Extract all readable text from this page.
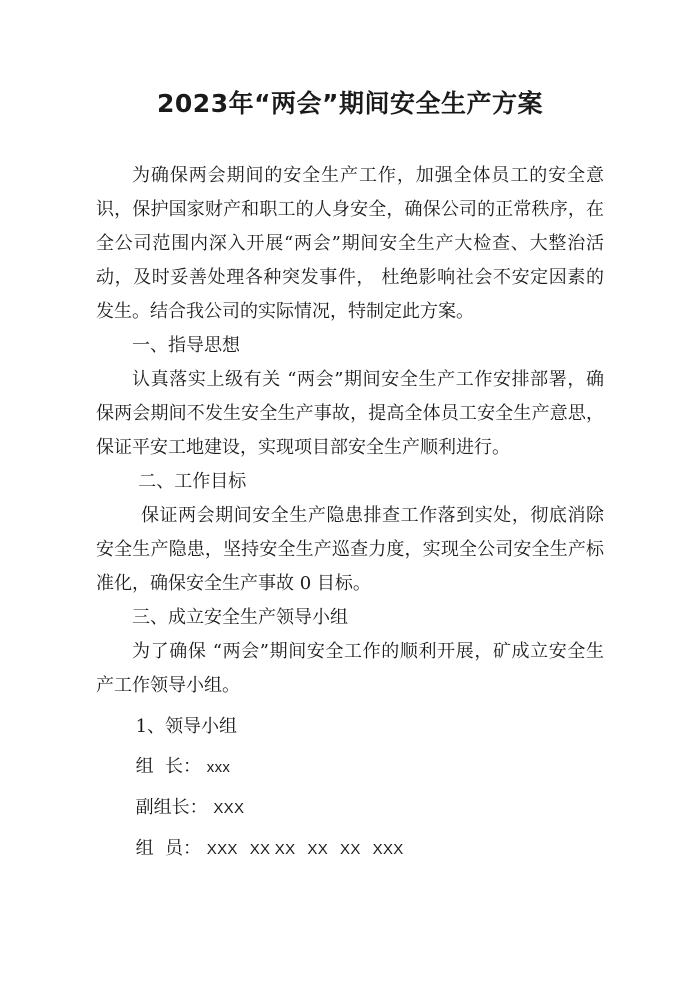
2023年“两会”期间安全生产方案

为确保两会期间的安全生产工作，加强全体员工的安全意识，保护国家财产和职工的人身安全，确保公司的正常秩序，在全公司范围内深入开展“两会”期间安全生产大检查、大整治活动，及时妥善处理各种突发事件， 杜绝影响社会不安定因素的发生。结合我公司的实际情况，特制定此方案。

一、指导思想

认真落实上级有关 “两会”期间安全生产工作安排部署，确保两会期间不发生安全生产事故，提高全体员工安全生产意思，保证平安工地建设，实现项目部安全生产顺利进行。

二、工作目标

保证两会期间安全生产隐患排查工作落到实处，彻底消除安全生产隐患，坚持安全生产巡查力度，实现全公司安全生产标准化，确保安全生产事故 0 目标。

三、成立安全生产领导小组

为了确保 “两会”期间安全工作的顺利开展，矿成立安全生产工作领导小组。

1、领导小组

组  长： xxx

副组长： XXX

组  员： XXX XX XX XX XX XXX
